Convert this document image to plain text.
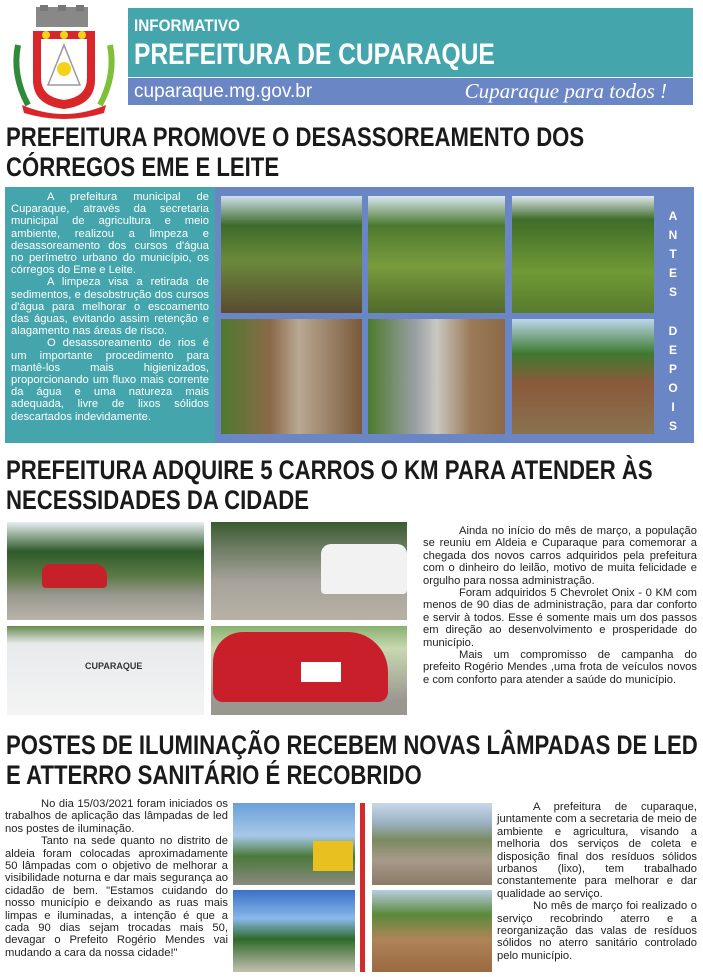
INFORMATIVO
PREFEITURA DE CUPARAQUE
cuparaque.mg.gov.br	Cuparaque para todos !
PREFEITURA PROMOVE O DESASSOREAMENTO DOS
CÓRREGOS EME E LEITE

A prefeitura municipal de Cuparaque, através da secretaria municipal de agricultura e meio ambiente, realizou a limpeza e desassoreamento dos cursos d'água no perímetro urbano do município, os córregos do Eme e Leite.

A limpeza visa a retirada de sedimentos, e desobstrução dos cursos d'água para melhorar o escoamento das águas, evitando assim retenção e alagamento nas áreas de risco.

O desassoreamento de rios é um importante procedimento para mantê-los mais higienizados, proporcionando um fluxo mais corrente da água e uma natureza mais adequada, livre de lixos sólidos descartados indevidamente.

A
N
T
E
S
D
E
P
O
I
S
PREFEITURA ADQUIRE 5 CARROS O KM PARA ATENDER ÀS
NECESSIDADES DA CIDADE
CUPARAQUE

Ainda no início do mês de março, a população se reuniu em Aldeia e Cuparaque para comemorar a chegada dos novos carros adquiridos pela prefeitura com o dinheiro do leilão, motivo de muita felicidade e orgulho para nossa administração.

Foram adquiridos 5 Chevrolet Onix - 0 KM com menos de 90 dias de administração, para dar conforto e servir à todos. Esse é somente mais um dos passos em direção ao desenvolvimento e prosperidade do município.

Mais um compromisso de campanha do prefeito Rogério Mendes ,uma frota de veículos novos e com conforto para atender a saúde do município.

POSTES DE ILUMINAÇÃO RECEBEM NOVAS LÂMPADAS DE LED
E ATTERRO SANITÁRIO É RECOBRIDO

No dia 15/03/2021 foram iniciados os trabalhos de aplicação das lâmpadas de led nos postes de iluminação.

Tanto na sede quanto no distrito de aldeia foram colocadas aproximadamente 50 lâmpadas com o objetivo de melhorar a visibilidade noturna e dar mais segurança ao cidadão de bem. "Estamos cuidando do nosso município e deixando as ruas mais limpas e iluminadas, a intenção é que a cada 90 dias sejam trocadas mais 50, devagar o Prefeito Rogério Mendes vai mudando a cara da nossa cidade!"

A prefeitura de cuparaque, juntamente com a secretaria de meio de ambiente e agricultura, visando a melhoria dos serviços de coleta e disposição final dos resíduos sólidos urbanos (lixo), tem trabalhado constantemente para melhorar e dar qualidade ao serviço.

No mês de março foi realizado o serviço recobrindo aterro e a reorganização das valas de resíduos sólidos no aterro sanitário controlado pelo município.
